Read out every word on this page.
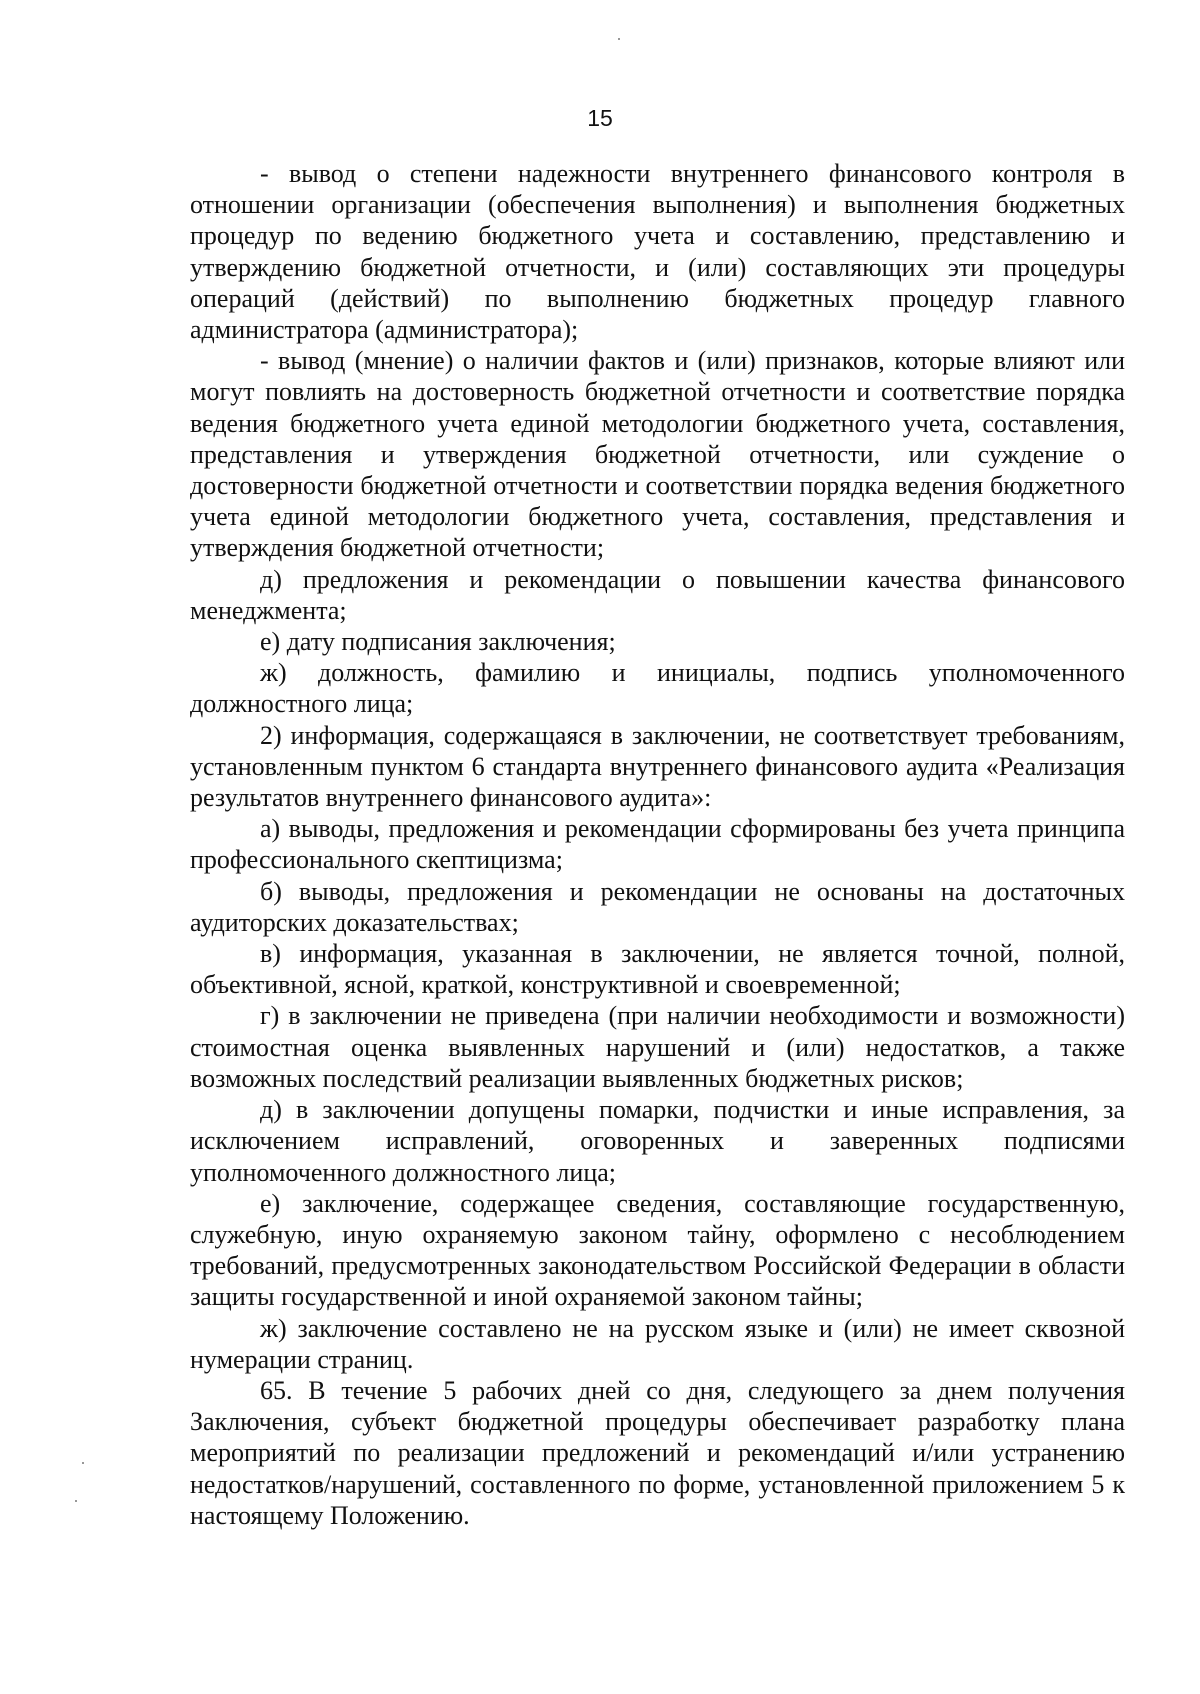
15

- вывод о степени надежности внутреннего финансового контроля в отношении организации (обеспечения выполнения) и выполнения бюджетных процедур по ведению бюджетного учета и составлению, представлению и утверждению бюджетной отчетности, и (или) составляющих эти процедуры операций (действий) по выполнению бюджетных процедур главного администратора (администратора);

- вывод (мнение) о наличии фактов и (или) признаков, которые влияют или могут повлиять на достоверность бюджетной отчетности и соответствие порядка ведения бюджетного учета единой методологии бюджетного учета, составления, представления и утверждения бюджетной отчетности, или суждение о достоверности бюджетной отчетности и соответствии порядка ведения бюджетного учета единой методологии бюджетного учета, составления, представления и утверждения бюджетной отчетности;

д) предложения и рекомендации о повышении качества финансового менеджмента;

е) дату подписания заключения;

ж) должность, фамилию и инициалы, подпись уполномоченного должностного лица;

2) информация, содержащаяся в заключении, не соответствует требованиям, установленным пунктом 6 стандарта внутреннего финансового аудита «Реализация результатов внутреннего финансового аудита»:

а) выводы, предложения и рекомендации сформированы без учета принципа профессионального скептицизма;

б) выводы, предложения и рекомендации не основаны на достаточных аудиторских доказательствах;

в) информация, указанная в заключении, не является точной, полной, объективной, ясной, краткой, конструктивной и своевременной;

г) в заключении не приведена (при наличии необходимости и возможности) стоимостная оценка выявленных нарушений и (или) недостатков, а также возможных последствий реализации выявленных бюджетных рисков;

д) в заключении допущены помарки, подчистки и иные исправления, за исключением исправлений, оговоренных и заверенных подписями уполномоченного должностного лица;

е) заключение, содержащее сведения, составляющие государственную, служебную, иную охраняемую законом тайну, оформлено с несоблюдением требований, предусмотренных законодательством Российской Федерации в области защиты государственной и иной охраняемой законом тайны;

ж) заключение составлено не на русском языке и (или) не имеет сквозной нумерации страниц.

65. В течение 5 рабочих дней со дня, следующего за днем получения Заключения, субъект бюджетной процедуры обеспечивает разработку плана мероприятий по реализации предложений и рекомендаций и/или устранению недостатков/нарушений, составленного по форме, установленной приложением 5 к настоящему Положению.
